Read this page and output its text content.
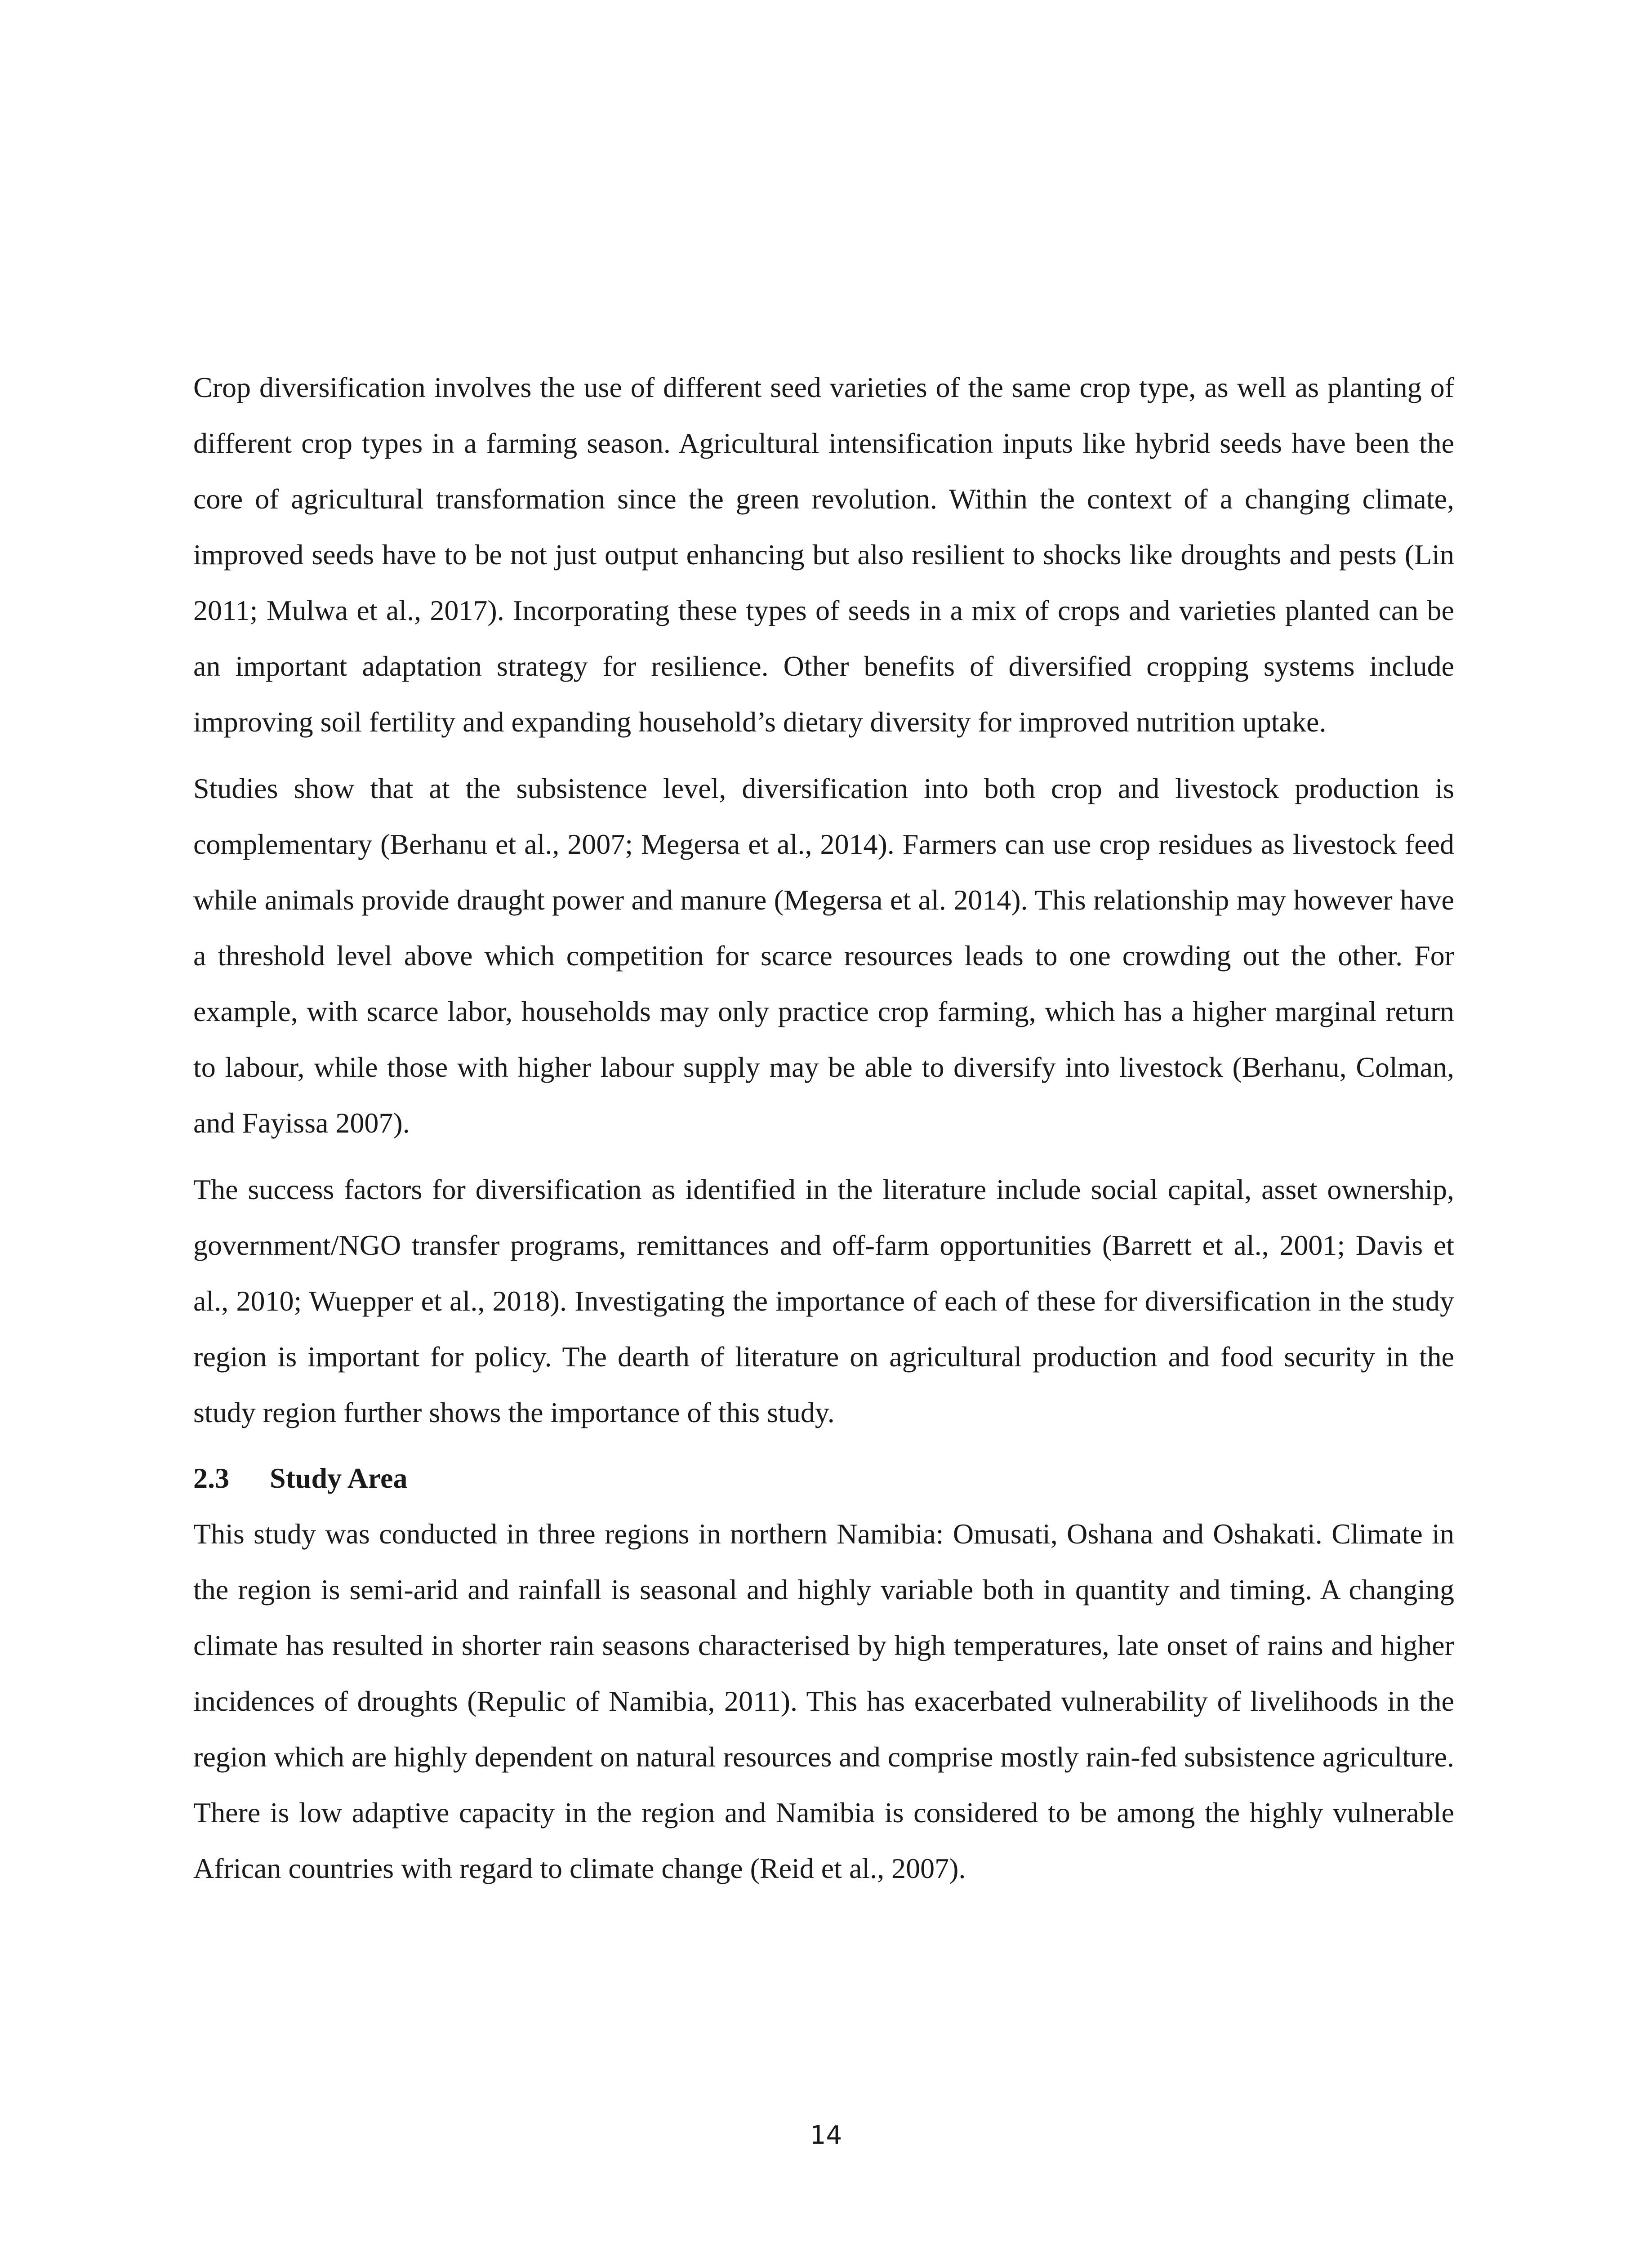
Crop diversification involves the use of different seed varieties of the same crop type, as well as planting of different crop types in a farming season. Agricultural intensification inputs like hybrid seeds have been the core of agricultural transformation since the green revolution. Within the context of a changing climate, improved seeds have to be not just output enhancing but also resilient to shocks like droughts and pests (Lin 2011; Mulwa et al., 2017). Incorporating these types of seeds in a mix of crops and varieties planted can be an important adaptation strategy for resilience. Other benefits of diversified cropping systems include improving soil fertility and expanding household’s dietary diversity for improved nutrition uptake.

Studies show that at the subsistence level, diversification into both crop and livestock production is complementary (Berhanu et al., 2007; Megersa et al., 2014). Farmers can use crop residues as livestock feed while animals provide draught power and manure (Megersa et al. 2014). This relationship may however have a threshold level above which competition for scarce resources leads to one crowding out the other. For example, with scarce labor, households may only practice crop farming, which has a higher marginal return to labour, while those with higher labour supply may be able to diversify into livestock (Berhanu, Colman, and Fayissa 2007).

The success factors for diversification as identified in the literature include social capital, asset ownership, government/NGO transfer programs, remittances and off-farm opportunities (Barrett et al., 2001; Davis et al., 2010; Wuepper et al., 2018). Investigating the importance of each of these for diversification in the study region is important for policy. The dearth of literature on agricultural production and food security in the study region further shows the importance of this study.

2.3 Study Area

This study was conducted in three regions in northern Namibia: Omusati, Oshana and Oshakati. Climate in the region is semi-arid and rainfall is seasonal and highly variable both in quantity and timing. A changing climate has resulted in shorter rain seasons characterised by high temperatures, late onset of rains and higher incidences of droughts (Repulic of Namibia, 2011). This has exacerbated vulnerability of livelihoods in the region which are highly dependent on natural resources and comprise mostly rain-fed subsistence agriculture. There is low adaptive capacity in the region and Namibia is considered to be among the highly vulnerable African countries with regard to climate change (Reid et al., 2007).

14
